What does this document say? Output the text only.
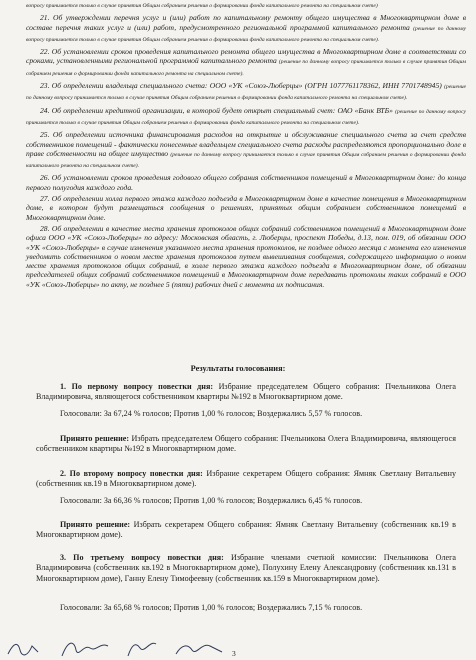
вопросу принимается только в случае принятия Общим собранием решения о формировании фонда капитального ремонта на специальном счете)

21. Об утверждении перечня услуг и (или) работ по капитальному ремонту общего имущества в Многоквартирном доме в составе перечня таких услуг и (или) работ, предусмотренного региональной программой капитального ремонта (решение по данному вопросу принимается только в случае принятия Общим собранием решения о формировании фонда капитального ремонта на специальном счете).

22. Об установлении сроков проведения капитального ремонта общего имущества в Многоквартирном доме в соответствии со сроками, установленными региональной программой капитального ремонта (решение по данному вопросу принимается только в случае принятия Общим собранием решения о формировании фонда капитального ремонта на специальном счете).

23. Об определении владельца специального счета: ООО «УК «Союз-Люберцы» (ОГРН 1077761178362, ИНН 7701748945) (решение по данному вопросу принимается только в случае принятия Общим собранием решения о формировании фонда капитального ремонта на специальном счете).

24. Об определении кредитной организации, в которой будет открыт специальный счет: ОАО «Банк ВТБ» (решение по данному вопросу принимается только в случае принятия Общим собранием решения о формировании фонда капитального ремонта на специальном счете).

25. Об определении источника финансирования расходов на открытие и обслуживание специального счета за счет средств собственников помещений - фактически понесенные владельцем специального счета расходы распределяются пропорционально доле в праве собственности на общее имущество (решение по данному вопросу принимается только в случае принятия Общим собранием решения о формировании фонда капитального ремонта на специальном счете).

26. Об установлении сроков проведения годового общего собрания собственников помещений в Многоквартирном доме: до конца первого полугодия каждого года.

27. Об определении холла первого этажа каждого подъезда в Многоквартирном доме в качестве помещения в Многоквартирном доме, в котором будут размещаться сообщения о решениях, принятых общим собранием собственников помещений в Многоквартирном доме.

28. Об определении в качестве места хранения протоколов общих собраний собственников помещений в Многоквартирном доме офиса ООО «УК «Союз-Люберцы» по адресу: Московская область, г. Люберцы, проспект Победы, д.13, пом. 019, об обязании ООО «УК «Союз-Люберцы» в случае изменения указанного места хранения протоколов, не позднее одного месяца с момента его изменения уведомить собственников о новом месте хранения протоколов путем вывешивания сообщения, содержащего информацию о новом месте хранения протоколов общих собраний, в холле первого этажа каждого подъезда в Многоквартирном доме, об обязании председателей общих собраний собственников помещений в Многоквартирном доме передавать протоколы таких собраний в ООО «УК «Союз-Люберцы» по акту, не позднее 5 (пяти) рабочих дней с момента их подписания.

Результаты голосования:
1. По первому вопросу повестки дня: Избрание председателем Общего собрания: Пчельникова Олега Владимировича, являющегося собственником квартиры №192 в Многоквартирном доме.
Голосовали: За 67,24 % голосов; Против 1,00 % голосов; Воздержались 5,57 % голосов.
Принято решение: Избрать председателем Общего собрания: Пчельникова Олега Владимировича, являющегося собственником квартиры №192 в Многоквартирном доме.
2. По второму вопросу повестки дня: Избрание секретарем Общего собрания: Ямняк Светлану Витальевну (собственник кв.19 в Многоквартирном доме).
Голосовали: За 66,36 % голосов; Против 1,00 % голосов; Воздержались 6,45 % голосов.
Принято решение: Избрать секретарем Общего собрания: Ямняк Светлану Витальевну (собственник кв.19 в Многоквартирном доме).
3. По третьему вопросу повестки дня: Избрание членами счетной комиссии: Пчельникова Олега Владимировича (собственник кв.192 в Многоквартирном доме), Полухину Елену Александровну (собственник кв.131 в Многоквартирном доме), Ганну Елену Тимофеевну (собственник кв.159 в Многоквартирном доме).
Голосовали: За 65,68 % голосов; Против 1,00 % голосов; Воздержались 7,15 % голосов.
3
